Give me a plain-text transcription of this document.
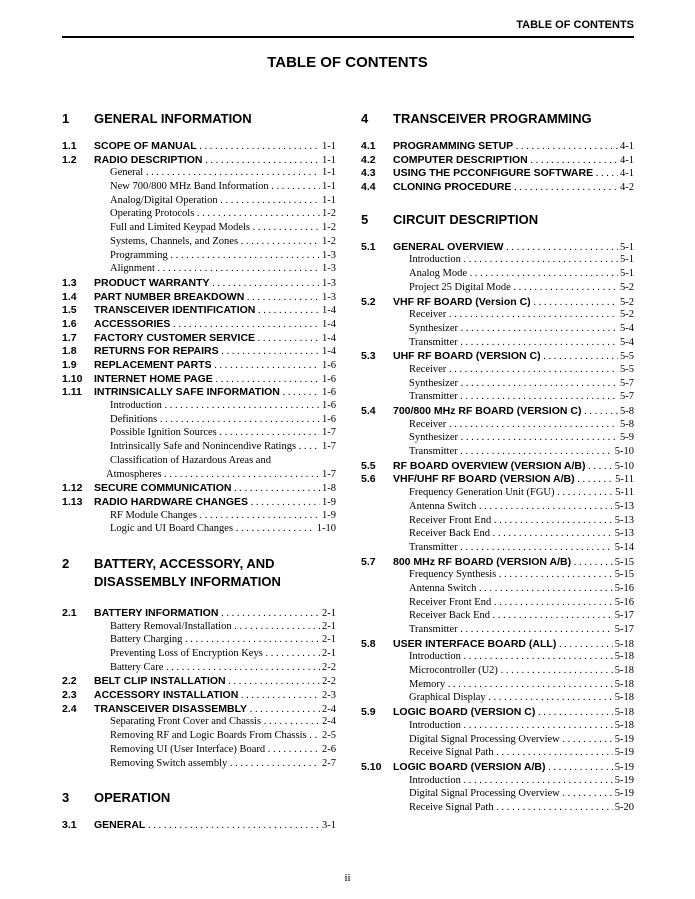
TABLE OF CONTENTS
TABLE OF CONTENTS
1	GENERAL INFORMATION
1.1	SCOPE OF MANUAL . . .	1-1
1.2	RADIO DESCRIPTION . . .	1-1
General . . .	1-1
New 700/800 MHz Band Information . . .	1-1
Analog/Digital Operation . . .	1-1
Operating Protocols . . .	1-2
Full and Limited Keypad Models . . .	1-2
Systems, Channels, and Zones . . .	1-2
Programming . . .	1-3
Alignment . . .	1-3
1.3	PRODUCT WARRANTY . . .	1-3
1.4	PART NUMBER BREAKDOWN . . .	1-3
1.5	TRANSCEIVER IDENTIFICATION . . .	1-4
1.6	ACCESSORIES . . .	1-4
1.7	FACTORY CUSTOMER SERVICE . . .	1-4
1.8	RETURNS FOR REPAIRS . . .	1-4
1.9	REPLACEMENT PARTS . . .	1-6
1.10	INTERNET HOME PAGE . . .	1-6
1.11	INTRINSICALLY SAFE INFORMATION . . .	1-6
Introduction . . .	1-6
Definitions . . .	1-6
Possible Ignition Sources . . .	1-7
Intrinsically Safe and Nonincendive Ratings . . .	1-7
Classification of Hazardous Areas and
Atmospheres . . .	1-7
1.12	SECURE COMMUNICATION . . .	1-8
1.13	RADIO HARDWARE CHANGES . . .	1-9
RF Module Changes . . .	1-9
Logic and UI Board Changes . . .	1-10
2	BATTERY, ACCESSORY, AND
DISASSEMBLY INFORMATION
2.1	BATTERY INFORMATION . . .	2-1
Battery Removal/Installation . . .	2-1
Battery Charging . . .	2-1
Preventing Loss of Encryption Keys . . .	2-1
Battery Care . . .	2-2
2.2	BELT CLIP INSTALLATION . . .	2-2
2.3	ACCESSORY INSTALLATION . . .	2-3
2.4	TRANSCEIVER DISASSEMBLY . . .	2-4
Separating Front Cover and Chassis . . .	2-4
Removing RF and Logic Boards From Chassis . . .	2-5
Removing UI (User Interface) Board . . .	2-6
Removing Switch assembly . . .	2-7
3	OPERATION
3.1	GENERAL . . .	3-1
4	TRANSCEIVER PROGRAMMING
4.1	PROGRAMMING SETUP . . .	4-1
4.2	COMPUTER DESCRIPTION . . .	4-1
4.3	USING THE PCCONFIGURE SOFTWARE . . .	4-1
4.4	CLONING PROCEDURE . . .	4-2
5	CIRCUIT DESCRIPTION
5.1	GENERAL OVERVIEW . . .	5-1
Introduction . . .	5-1
Analog Mode . . .	5-1
Project 25 Digital Mode . . .	5-2
5.2	VHF RF BOARD (Version C) . . .	5-2
Receiver . . .	5-2
Synthesizer . . .	5-4
Transmitter . . .	5-4
5.3	UHF RF BOARD (VERSION C) . . .	5-5
Receiver . . .	5-5
Synthesizer . . .	5-7
Transmitter . . .	5-7
5.4	700/800 MHz RF BOARD (VERSION C) . . .	5-8
Receiver . . .	5-8
Synthesizer . . .	5-9
Transmitter . . .	5-10
5.5	RF BOARD OVERVIEW (VERSION A/B) . . .	5-10
5.6	VHF/UHF RF BOARD (VERSION A/B) . . .	5-11
Frequency Generation Unit (FGU) . . .	5-11
Antenna Switch . . .	5-13
Receiver Front End . . .	5-13
Receiver Back End . . .	5-13
Transmitter . . .	5-14
5.7	800 MHz RF BOARD (VERSION A/B) . . .	5-15
Frequency Synthesis . . .	5-15
Antenna Switch . . .	5-16
Receiver Front End . . .	5-16
Receiver Back End . . .	5-17
Transmitter . . .	5-17
5.8	USER INTERFACE BOARD (ALL) . . .	5-18
Introduction . . .	5-18
Microcontroller (U2) . . .	5-18
Memory . . .	5-18
Graphical Display . . .	5-18
5.9	LOGIC BOARD (VERSION C) . . .	5-18
Introduction . . .	5-18
Digital Signal Processing Overview . . .	5-19
Receive Signal Path . . .	5-19
5.10	LOGIC BOARD (VERSION A/B) . . .	5-19
Introduction . . .	5-19
Digital Signal Processing Overview . . .	5-19
Receive Signal Path . . .	5-20
ii
